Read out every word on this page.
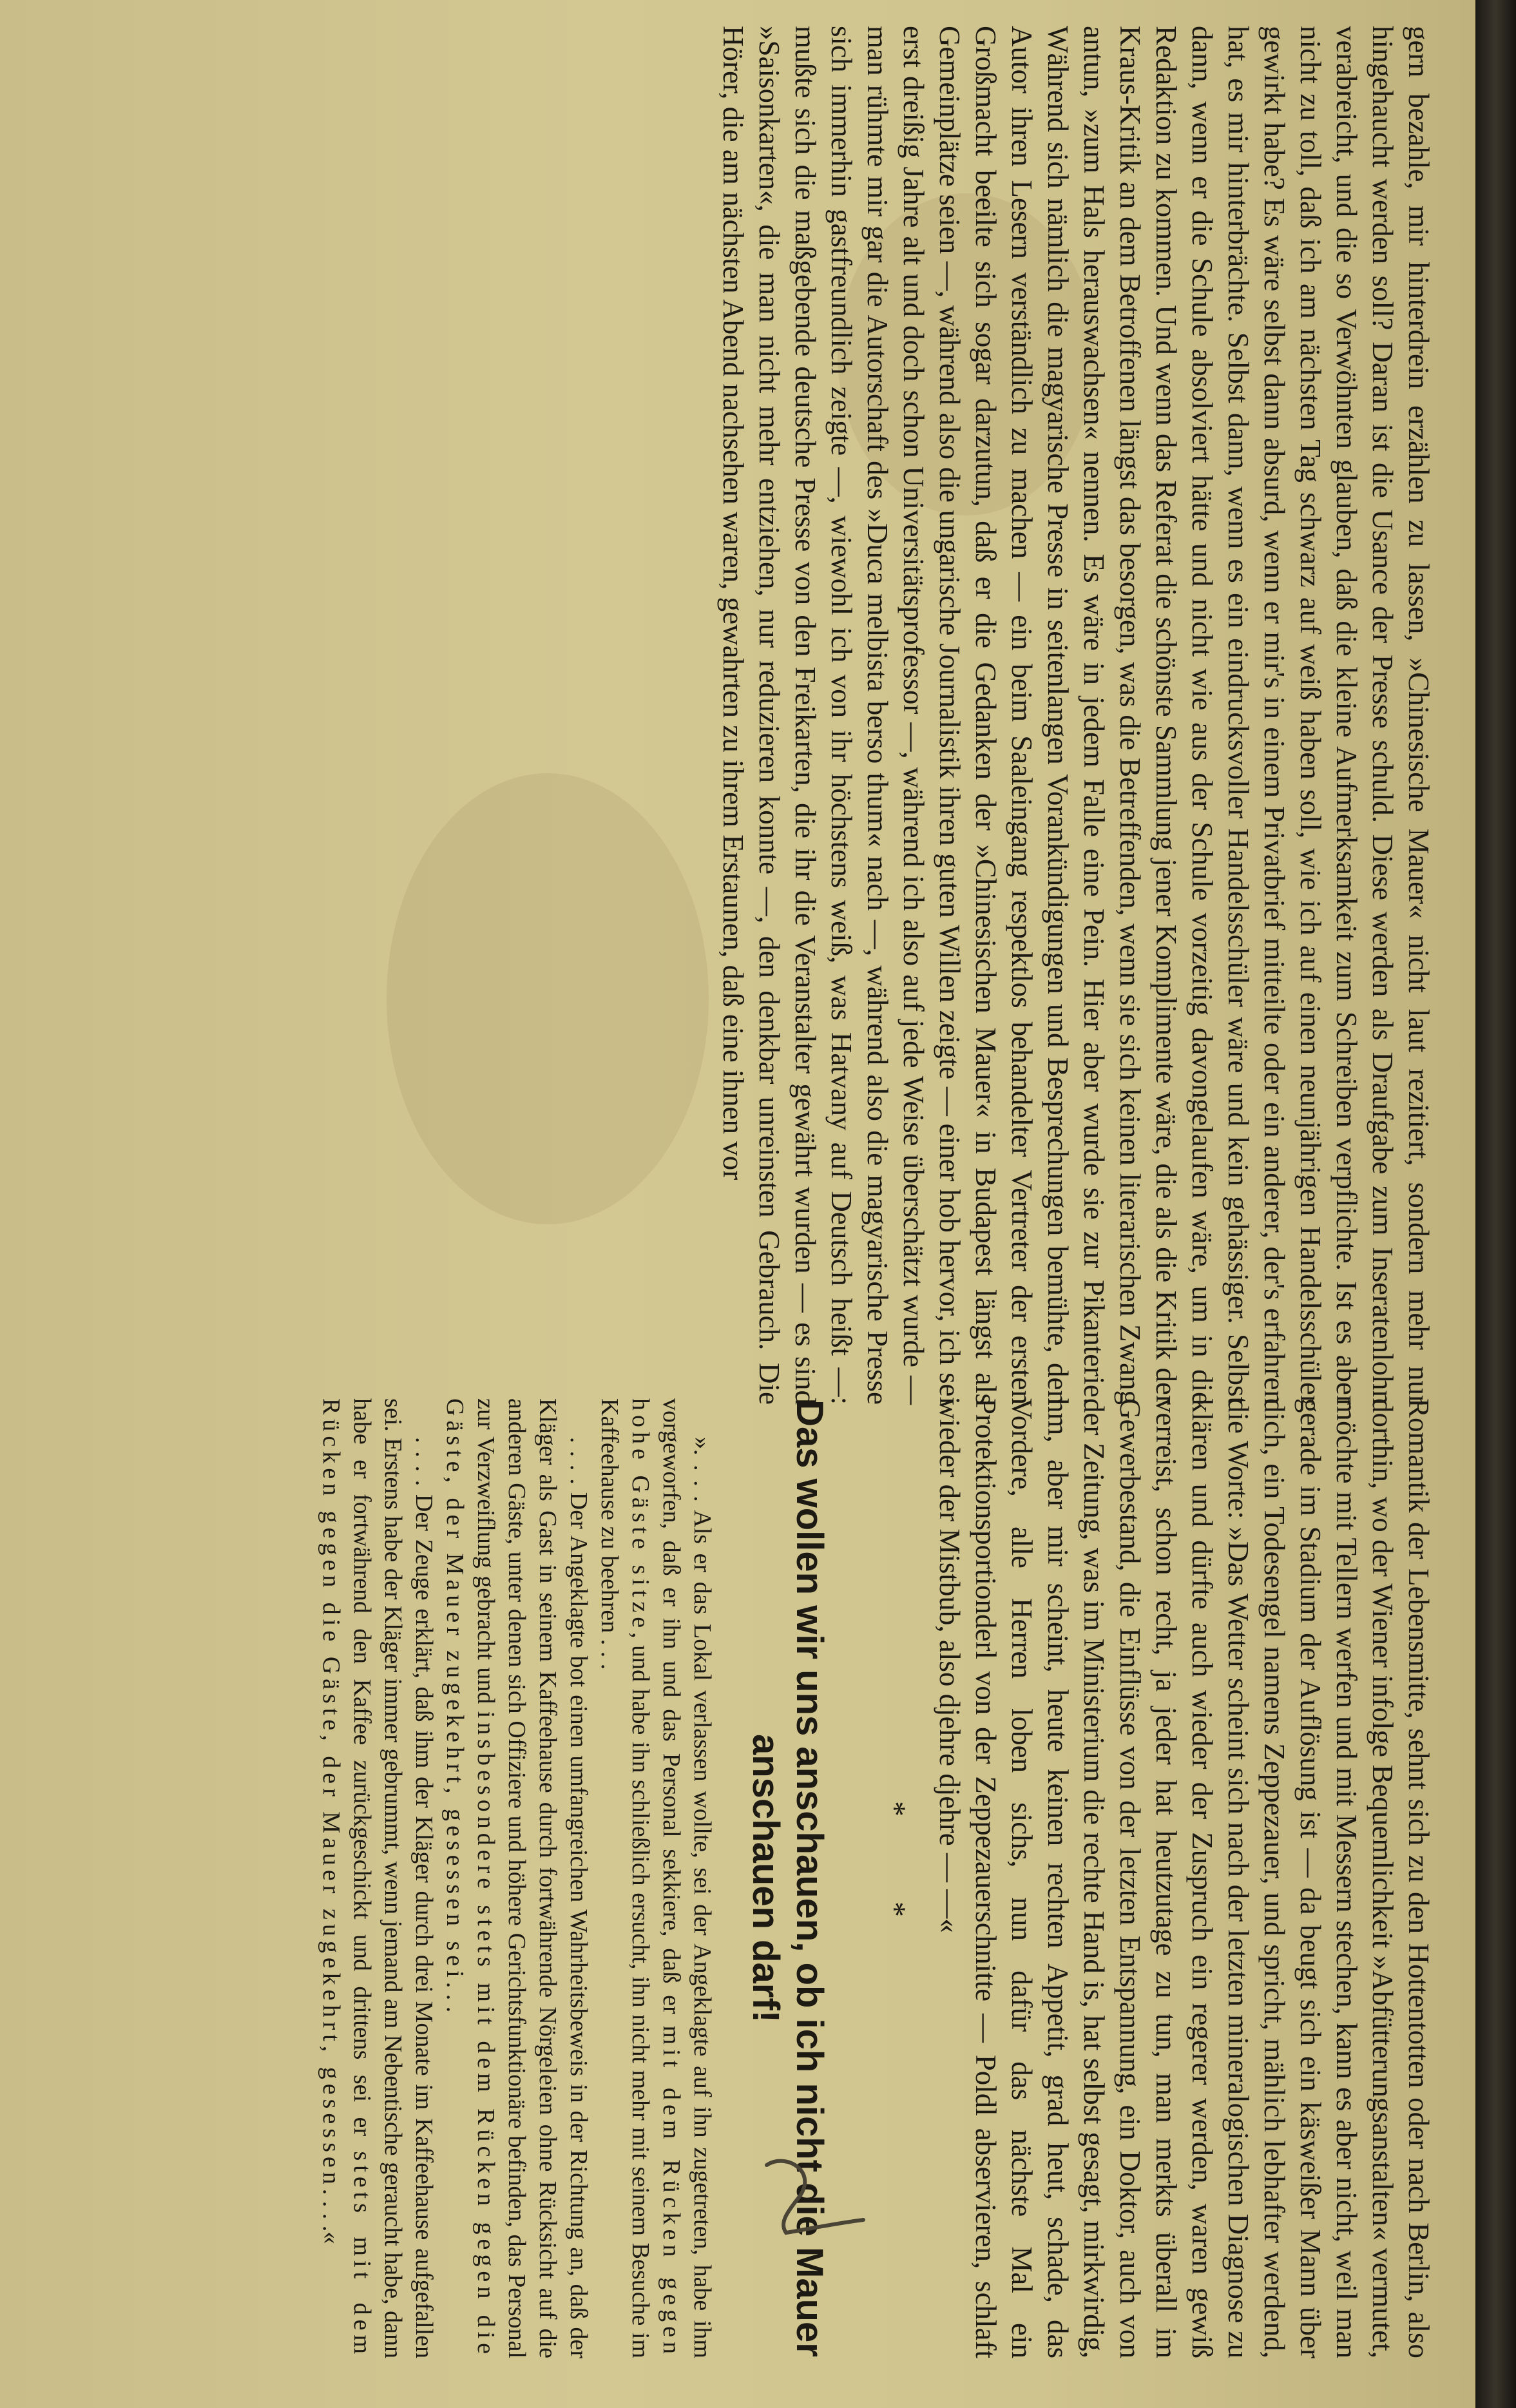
Romantik der Lebensmitte, sehnt sich zu den Hottentotten oder nach Berlin, also dorthin, wo der Wiener infolge Bequemlichkeit »Abfütterungsanstalten« vermutet, möchte mit Tellern werfen und mit Messern stechen, kann es aber nicht, weil man gerade im Stadium der Auflösung ist — da beugt sich ein käsweißer Mann über dich, ein Todesengel namens Zeppezauer, und spricht, mählich lebhafter werdend, die Worte: »Das Wetter scheint sich nach der letzten mineralogischen Diagnose zu klären und dürfte auch wieder der Zuspruch ein regerer werden, waren gewiß verreist, schon recht, ja jeder hat heutzutage zu tun, man merkts überall im Gewerbestand, die Einflüsse von der letzten Entspannung, ein Doktor, auch von der Zeitung, was im Ministerium die rechte Hand is, hat selbst gesagt, mirkwirdig, hm, aber mir scheint, heute keinen rechten Appetit, grad heut, schade, das Vordere, alle Herren loben sichs, nun dafür das nächste Mal ein Protektionsportionderl von der Zeppezauerschnitte — Poldl abservieren, schlaft wieder der Mistbub, also djehre djehre — —«

* *
Das wollen wir uns anschauen, ob ich nicht die Mauer anschauen darf!

». . . . Als er das Lokal verlassen wollte, sei der Angeklagte auf ihn zugetreten, habe ihm vorgeworfen, daß er ihn und das Personal sekkiere, daß er mit dem Rücken gegen hohe Gäste sitze, und habe ihn schließlich ersucht, ihn nicht mehr mit seinem Besuche im Kaffeehause zu beehren . . .

. . . . Der Angeklagte bot einen umfangreichen Wahrheitsbeweis in der Richtung an, daß der Kläger als Gast in seinem Kaffeehause durch fortwährende Nörgeleien ohne Rücksicht auf die anderen Gäste, unter denen sich Offiziere und höhere Gerichtsfunktionäre befinden, das Personal zur Verzweiflung gebracht und insbesondere stets mit dem Rücken gegen die Gäste, der Mauer zugekehrt, gesessen sei. . .

. . . . Der Zeuge erklärt, daß ihm der Kläger durch drei Monate im Kaffeehause aufgefallen sei. Erstens habe der Kläger immer gebrummt, wenn jemand am Nebentische geraucht habe, dann habe er fortwährend den Kaffee zurückgeschickt und drittens sei er stets mit dem Rücken gegen die Gäste, der Mauer zugekehrt, gesessen. . . .«

gern bezahle, mir hinterdrein erzählen zu lassen, »Chinesische Mauer« nicht laut rezitiert, sondern mehr nur hingehaucht werden soll? Daran ist die Usance der Presse schuld. Diese werden als Draufgabe zum Inseratenlohn verabreicht, und die so Verwöhnten glauben, daß die kleine Aufmerksamkeit zum Schreiben verpflichte. Ist es aber nicht zu toll, daß ich am nächsten Tag schwarz auf weiß haben soll, wie ich auf einen neunjährigen Handelsschüler gewirkt habe? Es wäre selbst dann absurd, wenn er mir's in einem Privatbrief mitteilte oder ein anderer, der's erfahren hat, es mir hinterbrächte. Selbst dann, wenn es ein eindrucksvoller Handelsschüler wäre und kein gehässiger. Selbst dann, wenn er die Schule absolviert hätte und nicht wie aus der Schule vorzeitig davongelaufen wäre, um in die Redaktion zu kommen. Und wenn das Referat die schönste Sammlung jener Komplimente wäre, die als die Kritik der Kraus-Kritik an dem Betroffenen längst das besorgen, was die Betreffenden, wenn sie sich keinen literarischen Zwang antun, »zum Hals herauswachsen« nennen. Es wäre in jedem Falle eine Pein. Hier aber wurde sie zur Pikanterie. Während sich nämlich die magyarische Presse in seitenlangen Vorankündigungen und Besprechungen bemühte, den Autor ihren Lesern verständlich zu machen — ein beim Saaleingang respektlos behandelter Vertreter der ersten Großmacht beeilte sich sogar darzutun, daß er die Gedanken der »Chinesischen Mauer« in Budapest längst als Gemeinplätze seien —, während also die ungarische Journalistik ihren guten Willen zeigte — einer hob hervor, ich sei erst dreißig Jahre alt und doch schon Universitätsprofessor —, während ich also auf jede Weise überschätzt wurde — man rühmte mir gar die Autorschaft des »Duca melbista berso thum« nach —, während also die magyarische Presse sich immerhin gastfreundlich zeigte —, wiewohl ich von ihr höchstens weiß, was Hatvany auf Deutsch heißt —: mußte sich die maßgebende deutsche Presse von den Freikarten, die ihr die Veranstalter gewährt wurden — es sind »Saisonkarten«, die man nicht mehr entziehen, nur reduzieren konnte —, den denkbar unreinsten Gebrauch. Die Hörer, die am nächsten Abend nachsehen waren, gewahrten zu ihrem Erstaunen, daß eine ihnen vor
